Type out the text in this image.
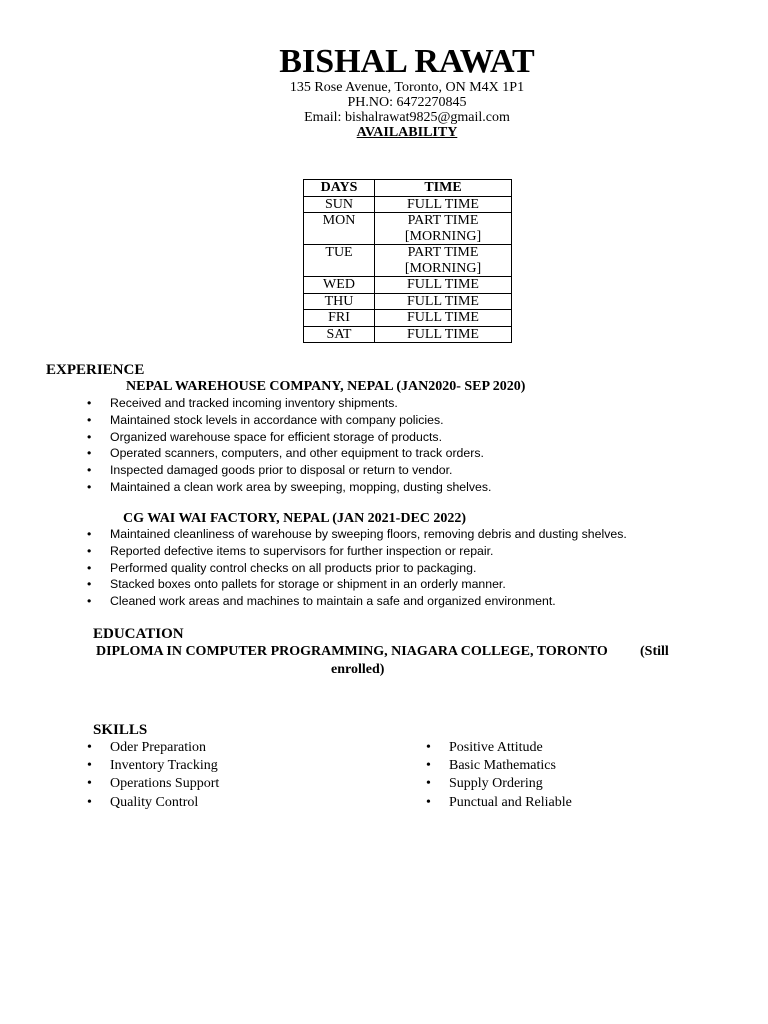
BISHAL RAWAT
135 Rose Avenue, Toronto, ON M4X 1P1
PH.NO: 6472270845
Email: bishalrawat9825@gmail.com
AVAILABILITY
DAYS	TIME
SUN	FULL TIME
MON	PART TIME
[MORNING]

TUE	PART TIME
[MORNING]

WED	FULL TIME
THU	FULL TIME
FRI	FULL TIME
SAT	FULL TIME
EXPERIENCE
NEPAL WAREHOUSE COMPANY, NEPAL (JAN2020- SEP 2020)
• Received and tracked incoming inventory shipments.
• Maintained stock levels in accordance with company policies.
• Organized warehouse space for efficient storage of products.
• Operated scanners, computers, and other equipment to track orders.
• Inspected damaged goods prior to disposal or return to vendor.
• Maintained a clean work area by sweeping, mopping, dusting shelves.
CG WAI WAI FACTORY, NEPAL (JAN 2021-DEC 2022)
• Maintained cleanliness of warehouse by sweeping floors, removing debris and dusting shelves.
• Reported defective items to supervisors for further inspection or repair.
• Performed quality control checks on all products prior to packaging.
• Stacked boxes onto pallets for storage or shipment in an orderly manner.
• Cleaned work areas and machines to maintain a safe and organized environment.
EDUCATION
DIPLOMA IN COMPUTER PROGRAMMING, NIAGARA COLLEGE, TORONTO (Still
enrolled)
SKILLS
• Oder Preparation
• Inventory Tracking
• Operations Support
• Quality Control
• Positive Attitude
• Basic Mathematics
• Supply Ordering
• Punctual and Reliable
